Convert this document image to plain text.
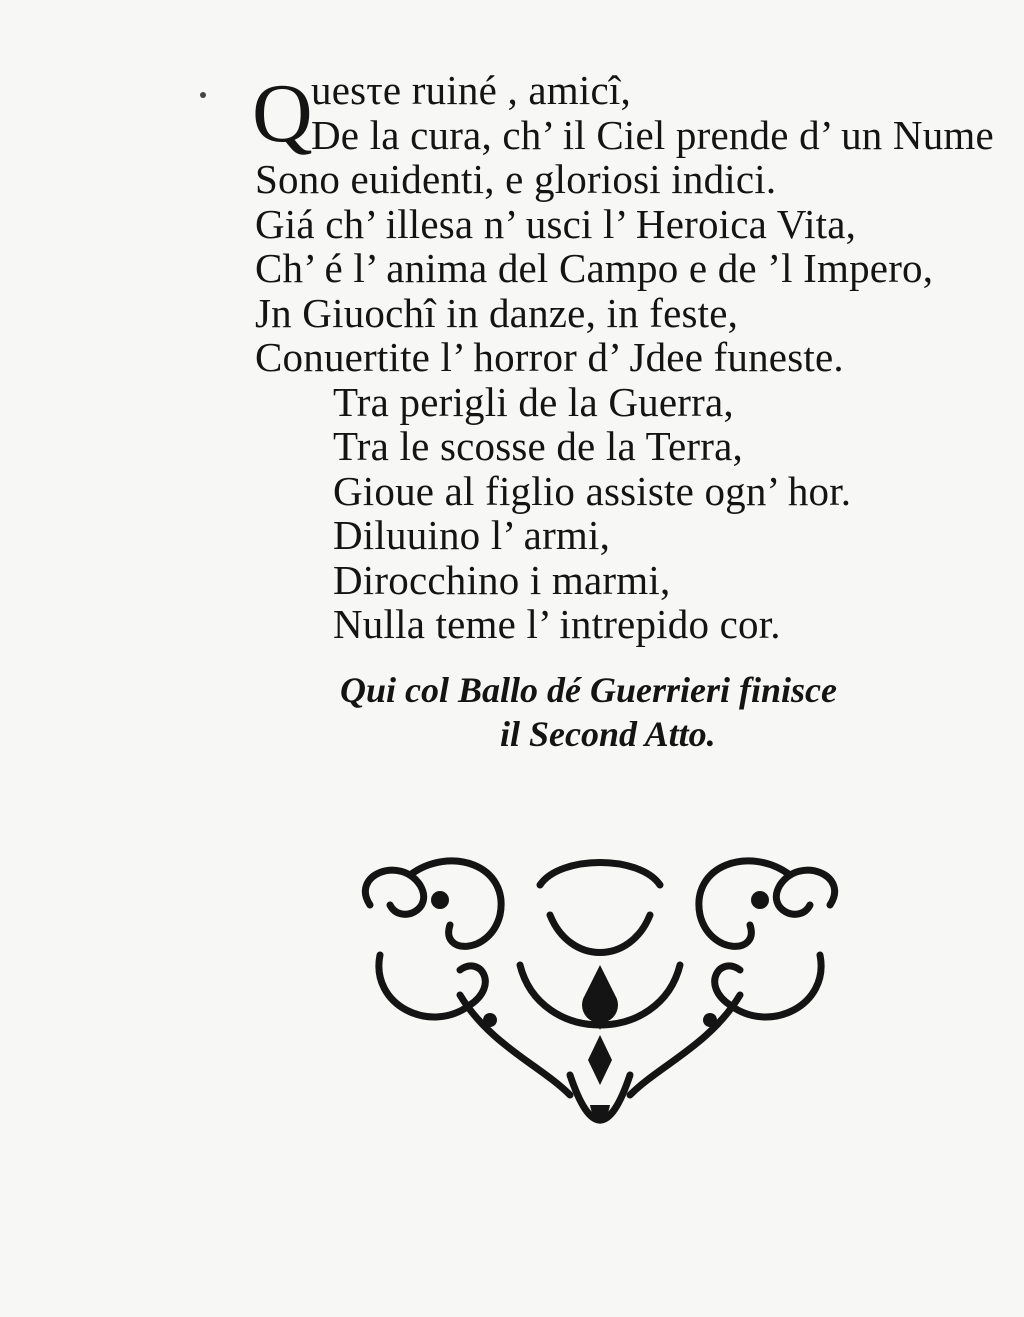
Q
uesτe ruiné , amicî,
De la cura, ch’ il Ciel prende d’ un Nume
Sono euidenti, e gloriosi indici.
Giá ch’ illesa n’ usci l’ Heroica Vita,
Ch’ é l’ anima del Campo e de ’l Impero,
Jn Giuochî in danze, in feste,
Conuertite l’ horror d’ Jdee funeste.
Tra perigli de la Guerra,
Tra le scosse de la Terra,
Gioue al figlio assiste ogn’ hor.
Diluuino l’ armi,
Dirocchino i marmi,
Nulla teme l’ intrepido cor.
Qui col Ballo dé Guerrieri finisce
il Second Atto.
